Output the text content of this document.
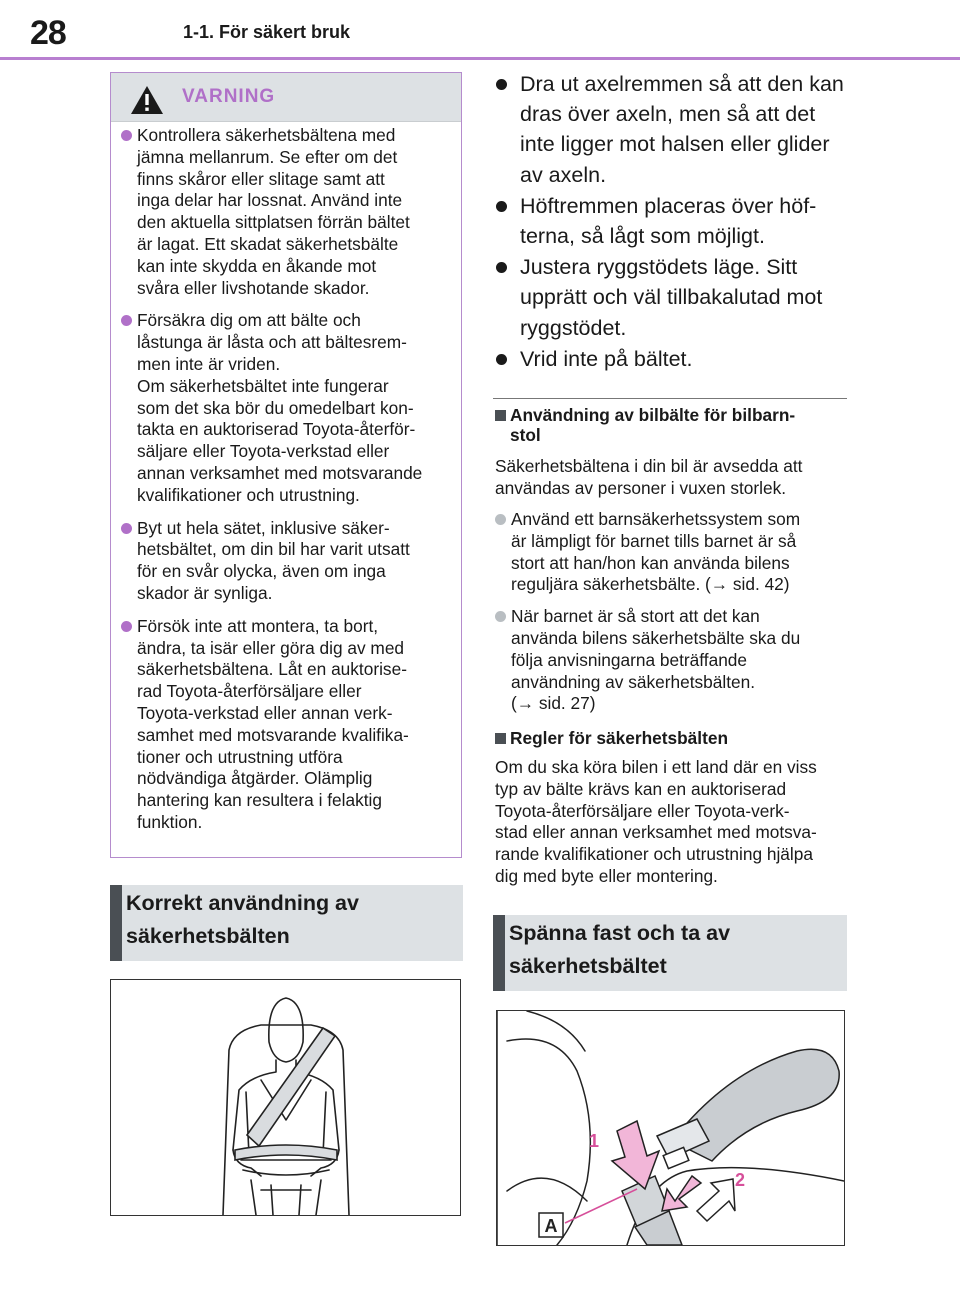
28	1-1. För säkert bruk
VARNING
Kontrollera säkerhetsbältena med
jämna mellanrum. Se efter om det
finns skåror eller slitage samt att
inga delar har lossnat. Använd inte
den aktuella sittplatsen förrän bältet
är lagat. Ett skadat säkerhetsbälte
kan inte skydda en åkande mot
svåra eller livshotande skador.
Försäkra dig om att bälte och
låstunga är låsta och att bältesrem-
men inte är vriden.
Om säkerhetsbältet inte fungerar
som det ska bör du omedelbart kon-
takta en auktoriserad Toyota-återför-
säljare eller Toyota-verkstad eller
annan verksamhet med motsvarande
kvalifikationer och utrustning.
Byt ut hela sätet, inklusive säker-
hetsbältet, om din bil har varit utsatt
för en svår olycka, även om inga
skador är synliga.
Försök inte att montera, ta bort,
ändra, ta isär eller göra dig av med
säkerhetsbältena. Låt en auktorise-
rad Toyota-återförsäljare eller
Toyota-verkstad eller annan verk-
samhet med motsvarande kvalifika-
tioner och utrustning utföra
nödvändiga åtgärder. Olämplig
hantering kan resultera i felaktig
funktion.
Korrekt användning av
säkerhetsbälten
Dra ut axelremmen så att den kan
dras över axeln, men så att det
inte ligger mot halsen eller glider
av axeln.
Höftremmen placeras över höf-
terna, så lågt som möjligt.
Justera ryggstödets läge. Sitt
upprätt och väl tillbakalutad mot
ryggstödet.
Vrid inte på bältet.
Användning av bilbälte för bilbarn-
stol
Säkerhetsbältena i din bil är avsedda att
användas av personer i vuxen storlek.
Använd ett barnsäkerhetssystem som
är lämpligt för barnet tills barnet är så
stort att han/hon kan använda bilens
reguljära säkerhetsbälte. (→ sid. 42)
När barnet är så stort att det kan
använda bilens säkerhetsbälte ska du
följa anvisningarna beträffande
användning av säkerhetsbälten.
(→ sid. 27)
Regler för säkerhetsbälten
Om du ska köra bilen i ett land där en viss
typ av bälte krävs kan en auktoriserad
Toyota-återförsäljare eller Toyota-verk-
stad eller annan verksamhet med motsva-
rande kvalifikationer och utrustning hjälpa
dig med byte eller montering.
Spänna fast och ta av
säkerhetsbältet
A
1
2
